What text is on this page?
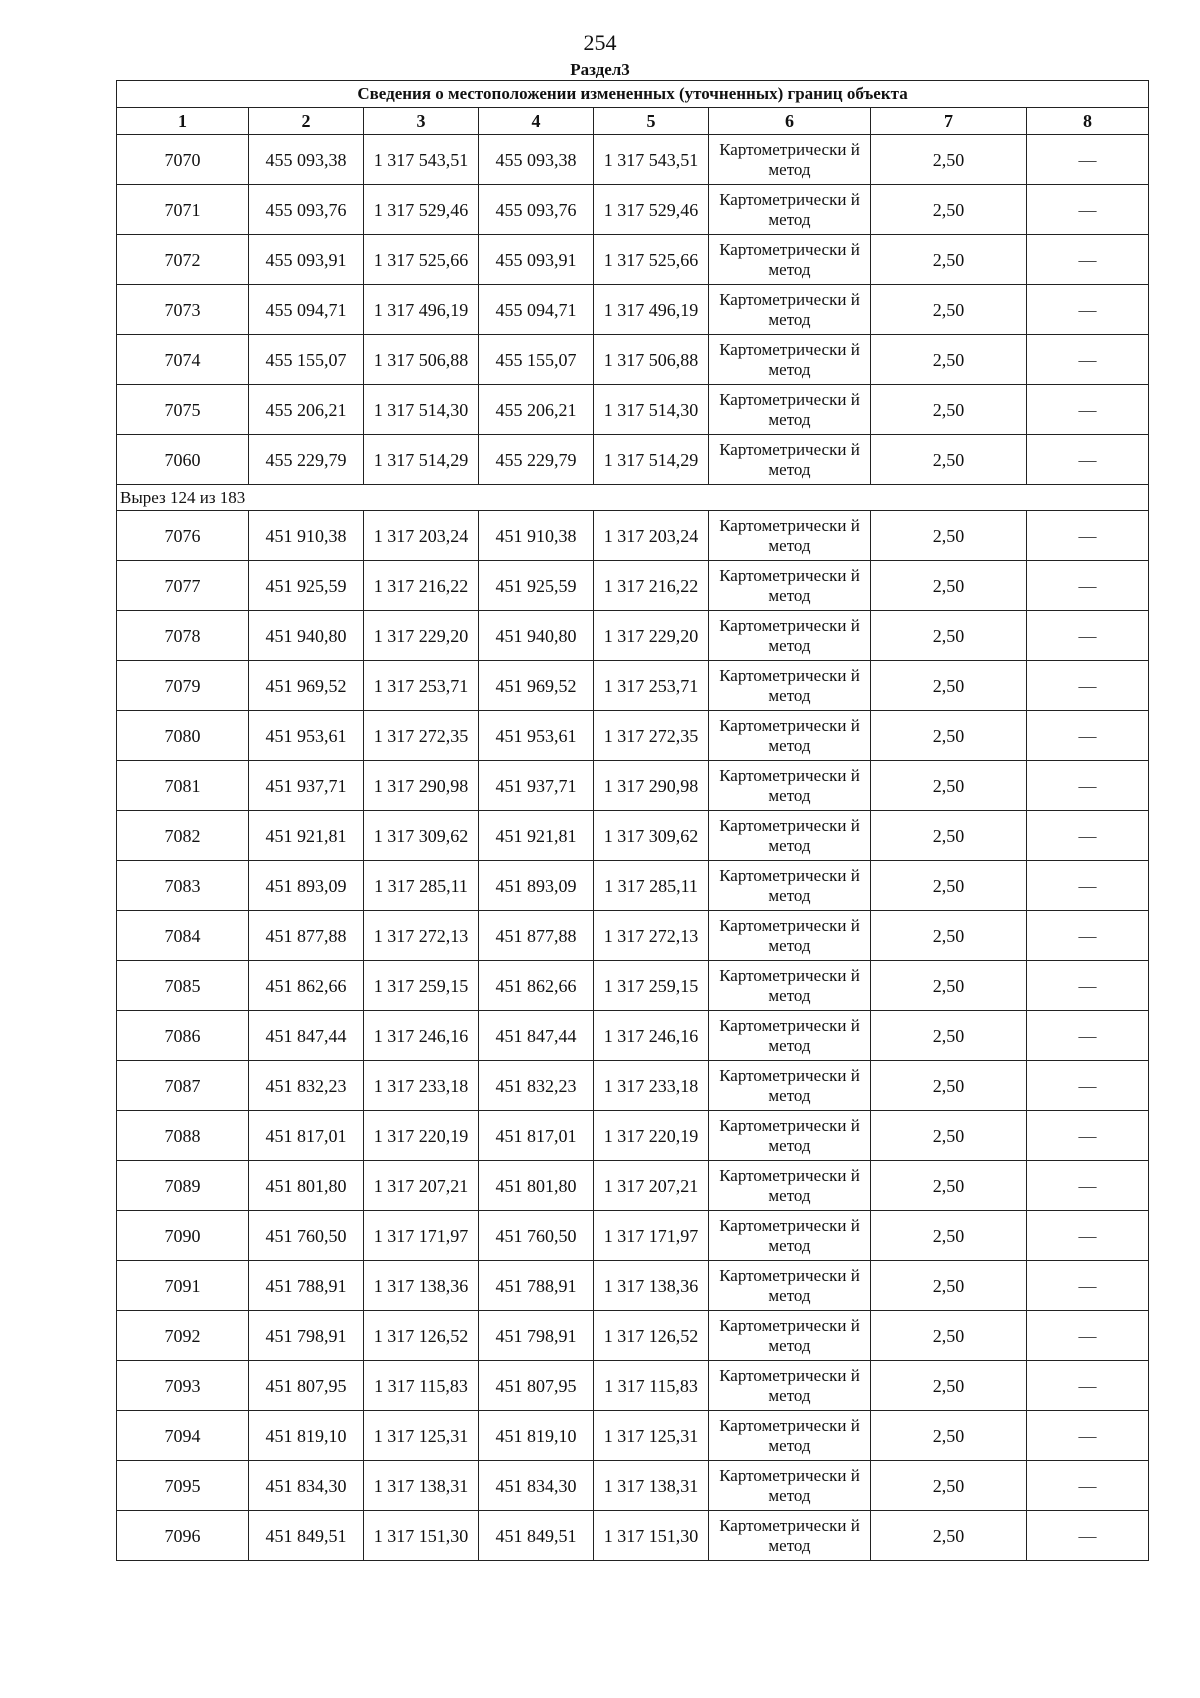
254
Раздел3
Сведения о местоположении измененных (уточненных) границ объекта							
1	2	3	4	5	6	7	8
7070	455 093,38	1 317 543,51	455 093,38	1 317 543,51	Картометрически й метод	2,50	—
7071	455 093,76	1 317 529,46	455 093,76	1 317 529,46	Картометрически й метод	2,50	—
7072	455 093,91	1 317 525,66	455 093,91	1 317 525,66	Картометрически й метод	2,50	—
7073	455 094,71	1 317 496,19	455 094,71	1 317 496,19	Картометрически й метод	2,50	—
7074	455 155,07	1 317 506,88	455 155,07	1 317 506,88	Картометрически й метод	2,50	—
7075	455 206,21	1 317 514,30	455 206,21	1 317 514,30	Картометрически й метод	2,50	—
7060	455 229,79	1 317 514,29	455 229,79	1 317 514,29	Картометрически й метод	2,50	—
Вырез 124 из 183							
7076	451 910,38	1 317 203,24	451 910,38	1 317 203,24	Картометрически й метод	2,50	—
7077	451 925,59	1 317 216,22	451 925,59	1 317 216,22	Картометрически й метод	2,50	—
7078	451 940,80	1 317 229,20	451 940,80	1 317 229,20	Картометрически й метод	2,50	—
7079	451 969,52	1 317 253,71	451 969,52	1 317 253,71	Картометрически й метод	2,50	—
7080	451 953,61	1 317 272,35	451 953,61	1 317 272,35	Картометрически й метод	2,50	—
7081	451 937,71	1 317 290,98	451 937,71	1 317 290,98	Картометрически й метод	2,50	—
7082	451 921,81	1 317 309,62	451 921,81	1 317 309,62	Картометрически й метод	2,50	—
7083	451 893,09	1 317 285,11	451 893,09	1 317 285,11	Картометрически й метод	2,50	—
7084	451 877,88	1 317 272,13	451 877,88	1 317 272,13	Картометрически й метод	2,50	—
7085	451 862,66	1 317 259,15	451 862,66	1 317 259,15	Картометрически й метод	2,50	—
7086	451 847,44	1 317 246,16	451 847,44	1 317 246,16	Картометрически й метод	2,50	—
7087	451 832,23	1 317 233,18	451 832,23	1 317 233,18	Картометрически й метод	2,50	—
7088	451 817,01	1 317 220,19	451 817,01	1 317 220,19	Картометрически й метод	2,50	—
7089	451 801,80	1 317 207,21	451 801,80	1 317 207,21	Картометрически й метод	2,50	—
7090	451 760,50	1 317 171,97	451 760,50	1 317 171,97	Картометрически й метод	2,50	—
7091	451 788,91	1 317 138,36	451 788,91	1 317 138,36	Картометрически й метод	2,50	—
7092	451 798,91	1 317 126,52	451 798,91	1 317 126,52	Картометрически й метод	2,50	—
7093	451 807,95	1 317 115,83	451 807,95	1 317 115,83	Картометрически й метод	2,50	—
7094	451 819,10	1 317 125,31	451 819,10	1 317 125,31	Картометрически й метод	2,50	—
7095	451 834,30	1 317 138,31	451 834,30	1 317 138,31	Картометрически й метод	2,50	—
7096	451 849,51	1 317 151,30	451 849,51	1 317 151,30	Картометрически й метод	2,50	—
